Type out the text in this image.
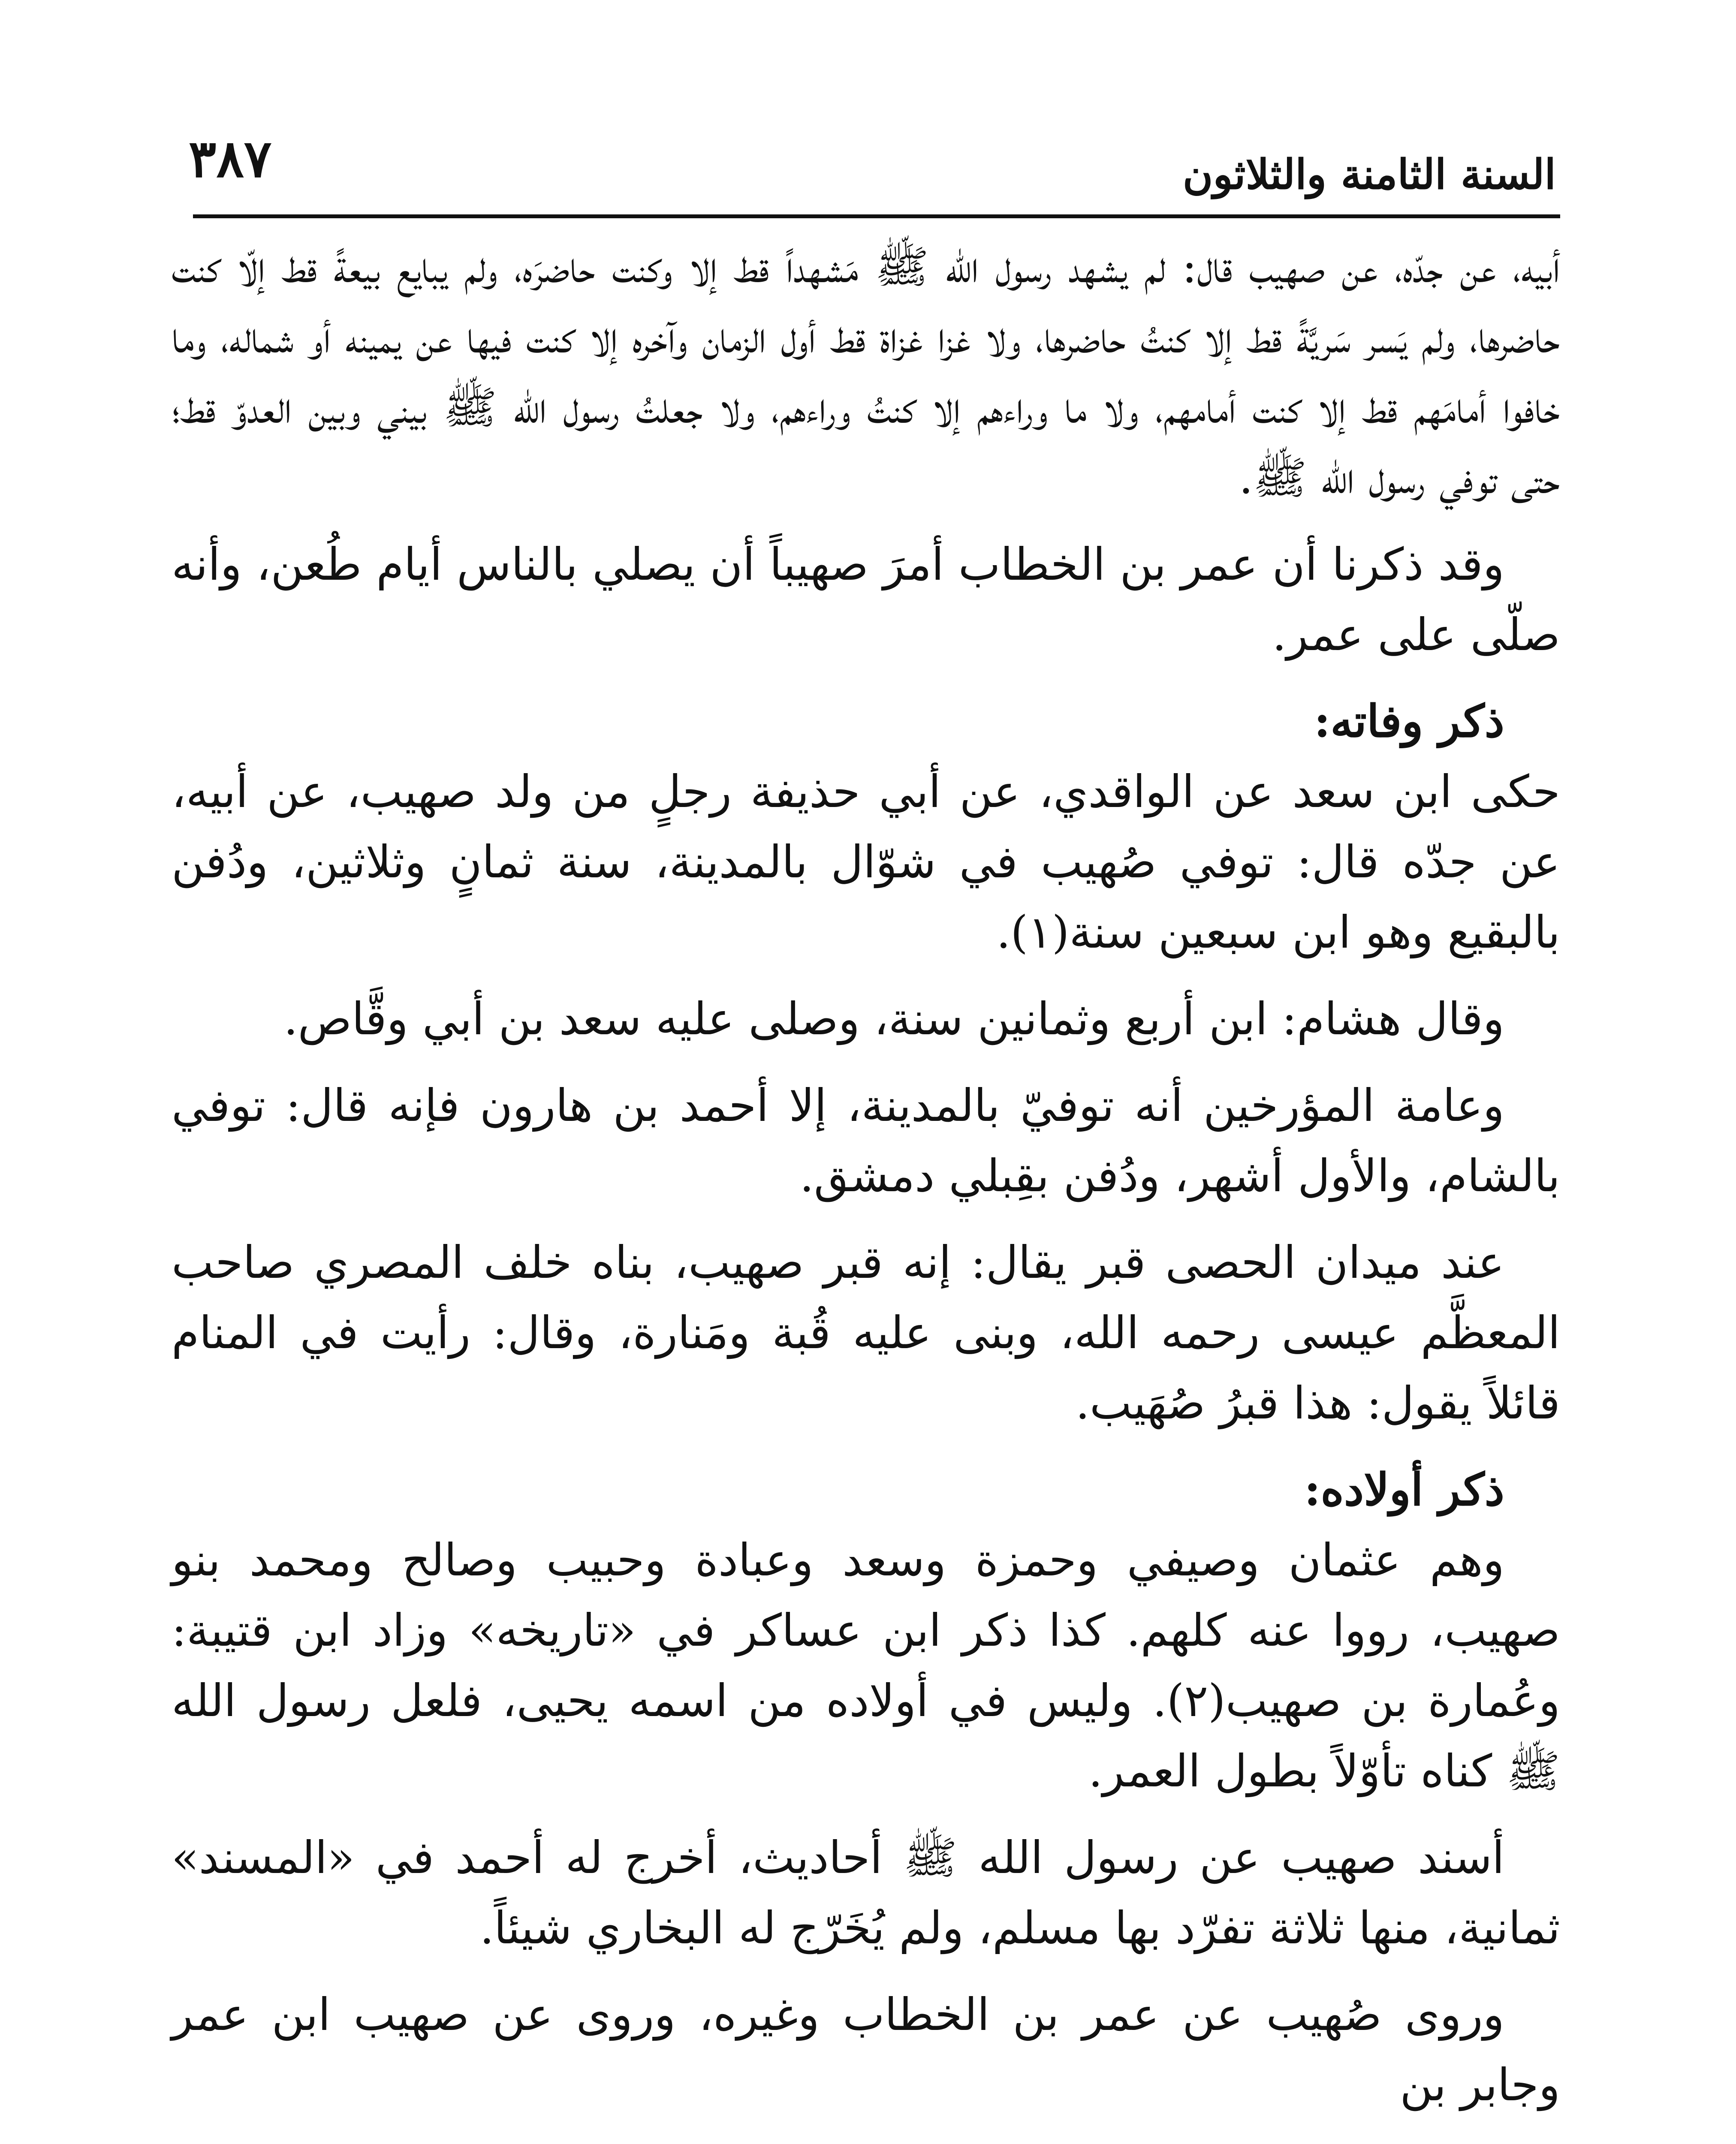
٣٨٧	السنة الثامنة والثلاثون

أبيه، عن جدّه، عن صهيب قال: لم يشهد رسول الله ﷺ مَشهداً قط إلا وكنت حاضرَه، ولم يبايع بيعةً قط إلّا كنت حاضرها، ولم يَسر سَريَّةً قط إلا كنتُ حاضرها، ولا غزا غزاة قط أول الزمان وآخره إلا كنت فيها عن يمينه أو شماله، وما خافوا أمامَهم قط إلا كنت أمامهم، ولا ما وراءهم إلا كنتُ وراءهم، ولا جعلتُ رسول الله ﷺ بيني وبين العدوّ قط؛ حتى توفي رسول الله ﷺ.

وقد ذكرنا أن عمر بن الخطاب أمرَ صهيباً أن يصلي بالناس أيام طُعن، وأنه صلّى على عمر.

ذكر وفاته:

حكى ابن سعد عن الواقدي، عن أبي حذيفة رجلٍ من ولد صهيب، عن أبيه، عن جدّه قال: توفي صُهيب في شوّال بالمدينة، سنة ثمانٍ وثلاثين، ودُفن بالبقيع وهو ابن سبعين سنة(١).

وقال هشام: ابن أربع وثمانين سنة، وصلى عليه سعد بن أبي وقَّاص.

وعامة المؤرخين أنه توفيّ بالمدينة، إلا أحمد بن هارون فإنه قال: توفي بالشام، والأول أشهر، ودُفن بقِبلي دمشق.

عند ميدان الحصى قبر يقال: إنه قبر صهيب، بناه خلف المصري صاحب المعظَّم عيسى رحمه الله، وبنى عليه قُبة ومَنارة، وقال: رأيت في المنام قائلاً يقول: هذا قبرُ صُهَيب.

ذكر أولاده:

وهم عثمان وصيفي وحمزة وسعد وعبادة وحبيب وصالح ومحمد بنو صهيب، رووا عنه كلهم. كذا ذكر ابن عساكر في «تاريخه» وزاد ابن قتيبة: وعُمارة بن صهيب(٢). وليس في أولاده من اسمه يحيى، فلعل رسول الله ﷺ كناه تأوّلاً بطول العمر.

أسند صهيب عن رسول الله ﷺ أحاديث، أخرج له أحمد في «المسند» ثمانية، منها ثلاثة تفرّد بها مسلم، ولم يُخَرّج له البخاري شيئاً.

وروى صُهيب عن عمر بن الخطاب وغيره، وروى عن صهيب ابن عمر وجابر بن
